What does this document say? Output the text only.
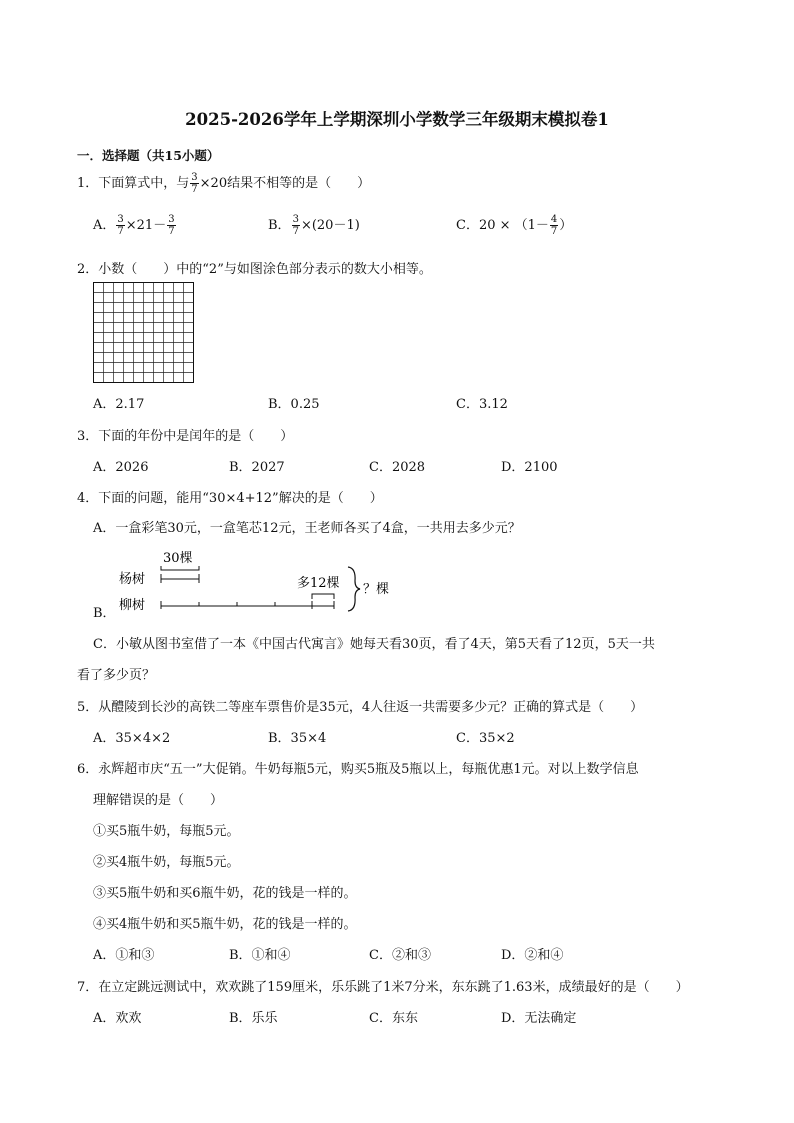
2025-2026学年上学期深圳小学数学三年级期末模拟卷1
一．选择题（共15小题）
1．下面算式中，与 $\frac{3}{7} \times 20$结果不相等的是（　　）
A． $\frac{3}{7} \times 21- \frac{3}{7}$	B． $\frac{3}{7} \times(20-1)$	C．$20 \times (1- \frac{4}{7}$ ）
2．小数（　　）中的“2”与如图涂色部分表示的数大小相等。
A．2.17	B．0.25	C．3.12
3．下面的年份中是闰年的是（　　）
A．2026	B．2027	C．2028	D．2100
4．下面的问题，能用“30×4+12”解决的是（　　）
A．一盒彩笔30元，一盒笔芯12元，王老师各买了4盒，一共用去多少元？
B．
30棵
杨树	多12棵
柳树
？棵
C．小敏从图书室借了一本《中国古代寓言》她每天看30页，看了4天，第5天看了12页，5天一共
看了多少页？
5．从醴陵到长沙的高铁二等座车票售价是35元，4人往返一共需要多少元？正确的算式是（　　）
A．35×4×2	B．35×4	C．35×2
6．永辉超市庆“五一”大促销。牛奶每瓶5元，购买5瓶及5瓶以上，每瓶优惠1元。对以上数学信息
理解错误的是（　　）
①买5瓶牛奶，每瓶5元。
②买4瓶牛奶，每瓶5元。
③买5瓶牛奶和买6瓶牛奶，花的钱是一样的。
④买4瓶牛奶和买5瓶牛奶，花的钱是一样的。
A．①和③	B．①和④	C．②和③	D．②和④
7．在立定跳远测试中，欢欢跳了159厘米，乐乐跳了1米7分米，东东跳了1.63米，成绩最好的是（　　）
A．欢欢	B．乐乐	C．东东	D．无法确定
